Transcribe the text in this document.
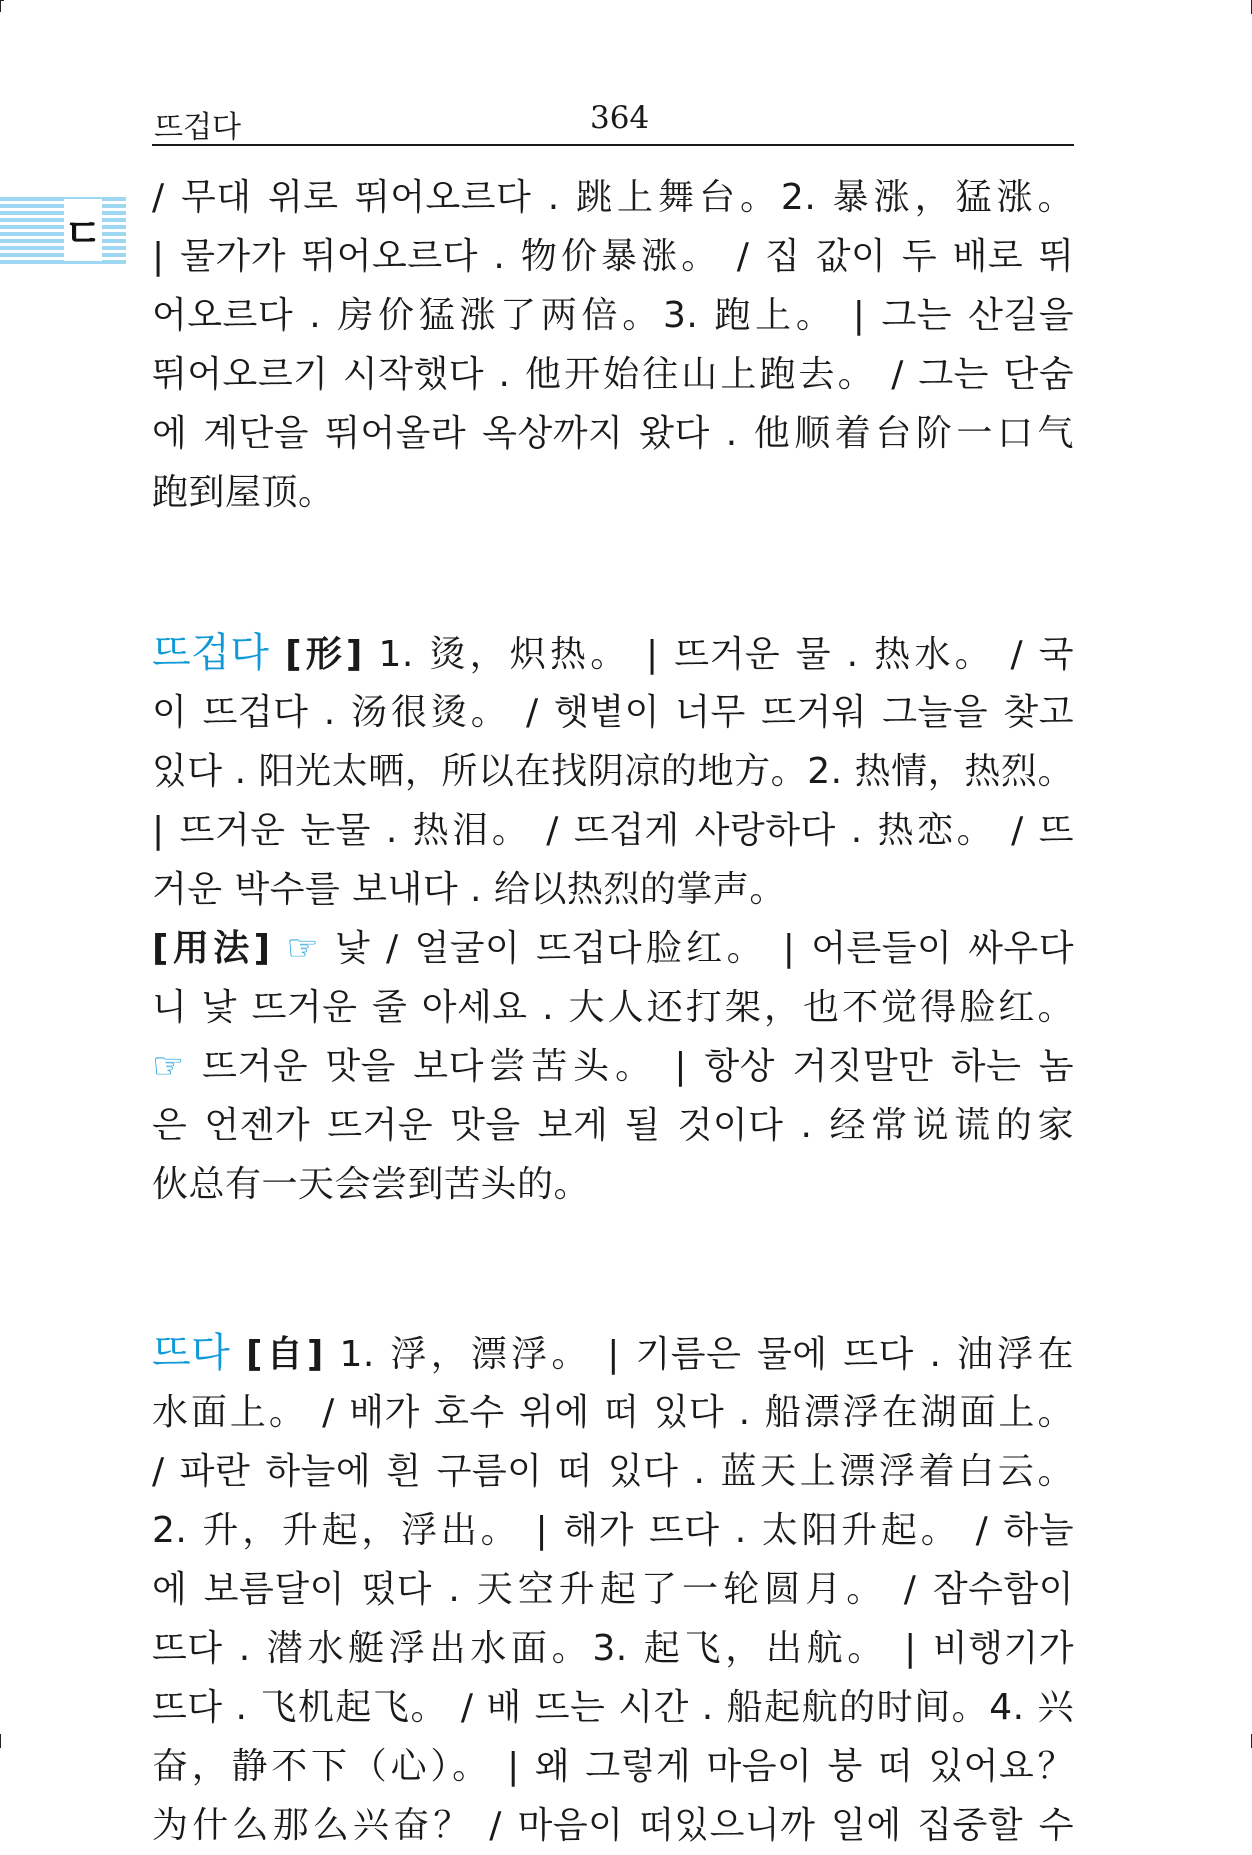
뜨겁다	364
ㄷ
/ 무대 위로 뛰어오르다 . 跳上舞台。2. 暴涨，猛涨。
| 물가가 뛰어오르다 . 物价暴涨。 / 집 값이 두 배로 뛰
어오르다 . 房价猛涨了两倍。3. 跑上。 | 그는 산길을
뛰어오르기 시작했다 . 他开始往山上跑去。 / 그는 단숨
에 계단을 뛰어올라 옥상까지 왔다 . 他顺着台阶一口气
跑到屋顶。
뜨겁다 [形] 1. 烫，炽热。 | 뜨거운 물 . 热水。 / 국
이 뜨겁다 . 汤很烫。 / 햇볕이 너무 뜨거워 그늘을 찾고
있다 . 阳光太晒，所以在找阴凉的地方。2. 热情，热烈。
| 뜨거운 눈물 . 热泪。 / 뜨겁게 사랑하다 . 热恋。 / 뜨
거운 박수를 보내다 . 给以热烈的掌声。
[用法] ☞ 낯 / 얼굴이 뜨겁다脸红。 | 어른들이 싸우다
니 낯 뜨거운 줄 아세요 . 大人还打架，也不觉得脸红。
☞ 뜨거운 맛을 보다尝苦头。 | 항상 거짓말만 하는 놈
은 언젠가 뜨거운 맛을 보게 될 것이다 . 经常说谎的家
伙总有一天会尝到苦头的。
뜨다 [自] 1. 浮，漂浮。 | 기름은 물에 뜨다 . 油浮在
水面上。 / 배가 호수 위에 떠 있다 . 船漂浮在湖面上。
/ 파란 하늘에 흰 구름이 떠 있다 . 蓝天上漂浮着白云。
2. 升，升起，浮出。 | 해가 뜨다 . 太阳升起。 / 하늘
에 보름달이 떴다 . 天空升起了一轮圆月。 / 잠수함이
뜨다 . 潜水艇浮出水面。3. 起飞，出航。 | 비행기가
뜨다 . 飞机起飞。 / 배 뜨는 시간 . 船起航的时间。4. 兴
奋，静不下（心）。 | 왜 그렇게 마음이 붕 떠 있어요？
为什么那么兴奋？ / 마음이 떠있으니까 일에 집중할 수
